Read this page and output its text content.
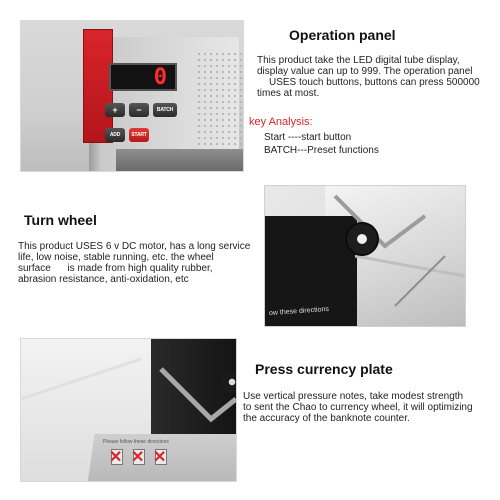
0
+	−	BATCH
ADD	START
Operation panel
This product take the LED digital tube display,
display value can up to 999. The operation panel
USES touch buttons, buttons can press 500000
times at most.
key Analysis:
Start ----start button
BATCH---Preset functions
ow these directions
Turn wheel
This product USES 6 v DC motor, has a long service
life, low noise, stable running, etc. the wheel
surface      is made from high quality rubber,
abrasion resistance, anti-oxidation, etc
Please follow these directions
✕ ✕ ✕
Press currency plate
Use vertical pressure notes, take modest strength
to sent the Chao to currency wheel, it will optimizing
the accuracy of the banknote counter.
